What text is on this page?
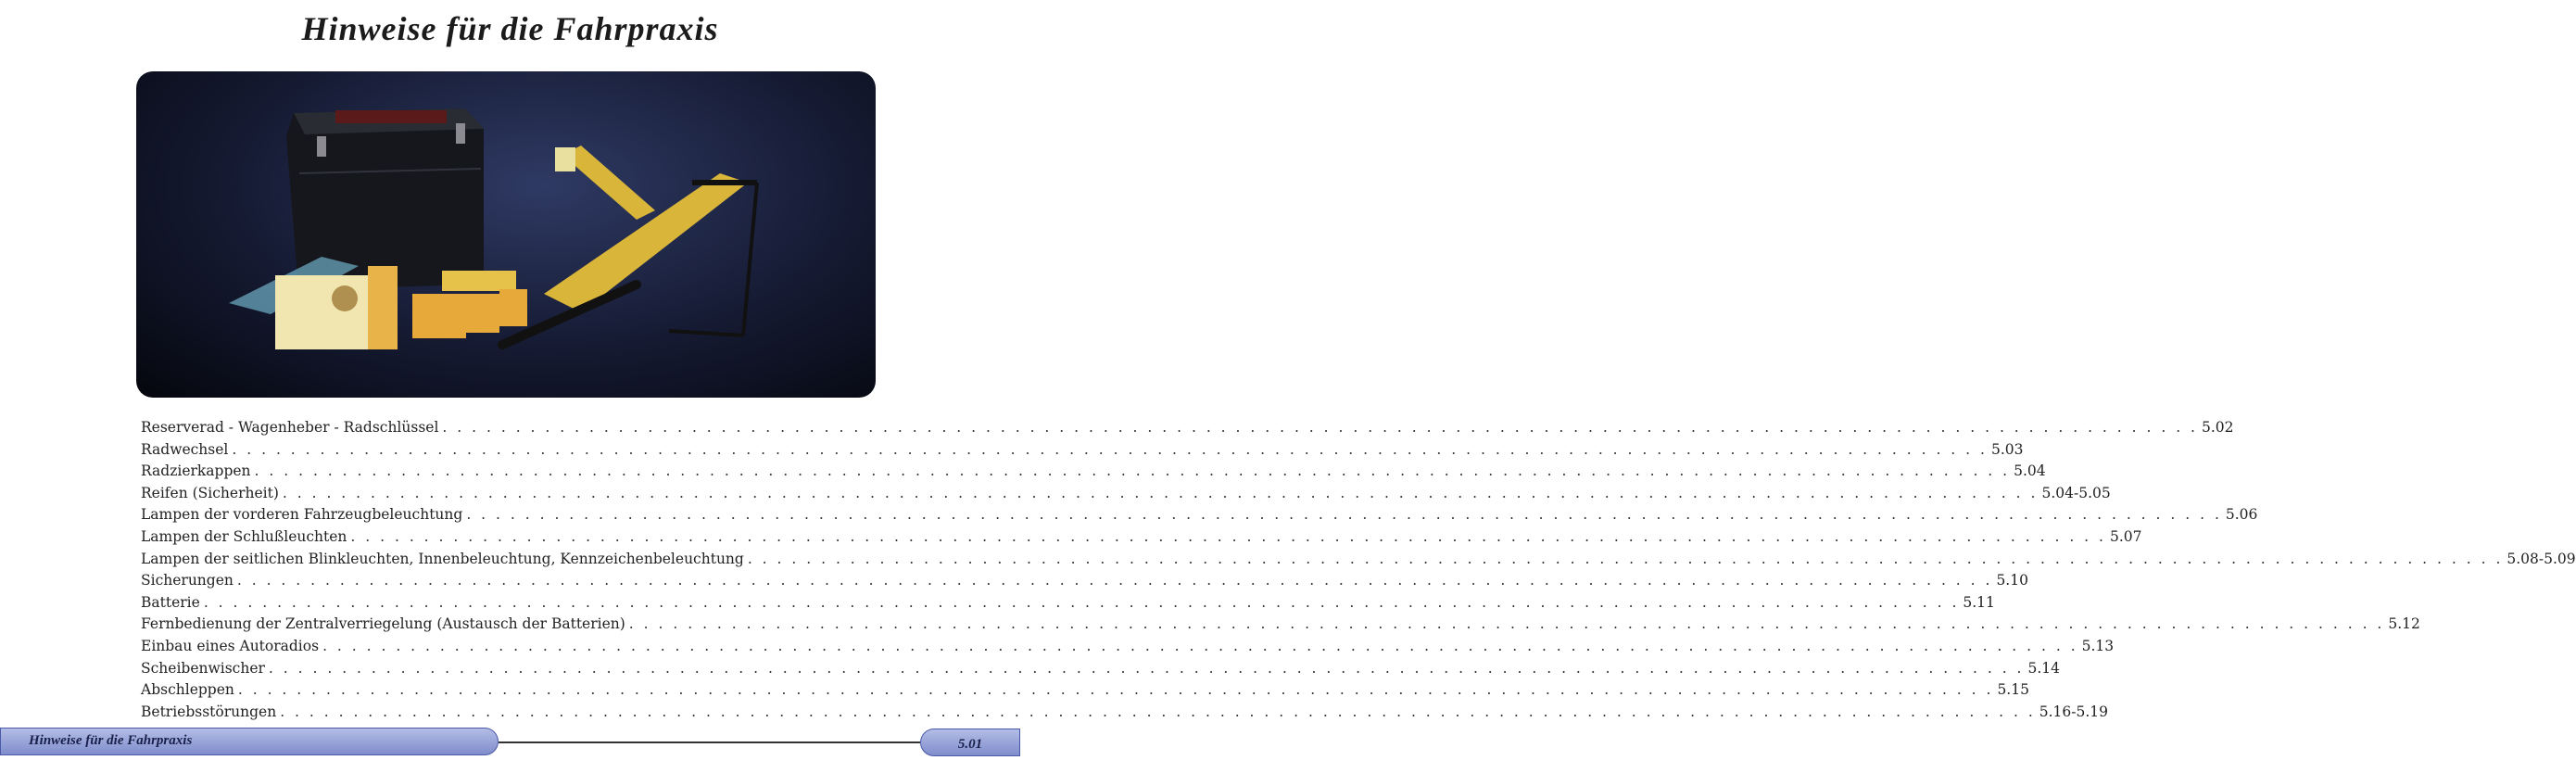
Hinweise für die Fahrpraxis
Reserverad - Wagenheber - Radschlüssel . . . . . . . . . . . . . . . . . . . . . . . . . . . . . . . . . . . . . . . . . . . . . . . . . . . . . . . . . . . . . . . . . . . . . . . . . . . . . . . . . . . . . . . . . . . . . . . . . . . . . . . . . . . . . . . . . . . . . . . . 5.02
Radwechsel . . . . . . . . . . . . . . . . . . . . . . . . . . . . . . . . . . . . . . . . . . . . . . . . . . . . . . . . . . . . . . . . . . . . . . . . . . . . . . . . . . . . . . . . . . . . . . . . . . . . . . . . . . . . . . . . . . . . . . . . 5.03
Radzierkappen . . . . . . . . . . . . . . . . . . . . . . . . . . . . . . . . . . . . . . . . . . . . . . . . . . . . . . . . . . . . . . . . . . . . . . . . . . . . . . . . . . . . . . . . . . . . . . . . . . . . . . . . . . . . . . . . . . . . . . . . 5.04
Reifen (Sicherheit) . . . . . . . . . . . . . . . . . . . . . . . . . . . . . . . . . . . . . . . . . . . . . . . . . . . . . . . . . . . . . . . . . . . . . . . . . . . . . . . . . . . . . . . . . . . . . . . . . . . . . . . . . . . . . . . . . . . . . . . . 5.04-5.05
Lampen der vorderen Fahrzeugbeleuchtung . . . . . . . . . . . . . . . . . . . . . . . . . . . . . . . . . . . . . . . . . . . . . . . . . . . . . . . . . . . . . . . . . . . . . . . . . . . . . . . . . . . . . . . . . . . . . . . . . . . . . . . . . . . . . . . . . . . . . . . . 5.06
Lampen der Schlußleuchten . . . . . . . . . . . . . . . . . . . . . . . . . . . . . . . . . . . . . . . . . . . . . . . . . . . . . . . . . . . . . . . . . . . . . . . . . . . . . . . . . . . . . . . . . . . . . . . . . . . . . . . . . . . . . . . . . . . . . . . . 5.07
Lampen der seitlichen Blinkleuchten, Innenbeleuchtung, Kennzeichenbeleuchtung . . . . . . . . . . . . . . . . . . . . . . . . . . . . . . . . . . . . . . . . . . . . . . . . . . . . . . . . . . . . . . . . . . . . . . . . . . . . . . . . . . . . . . . . . . . . . . . . . . . . . . . . . . . . . . . . . . . . . . . . 5.08-5.09
Sicherungen . . . . . . . . . . . . . . . . . . . . . . . . . . . . . . . . . . . . . . . . . . . . . . . . . . . . . . . . . . . . . . . . . . . . . . . . . . . . . . . . . . . . . . . . . . . . . . . . . . . . . . . . . . . . . . . . . . . . . . . . 5.10
Batterie . . . . . . . . . . . . . . . . . . . . . . . . . . . . . . . . . . . . . . . . . . . . . . . . . . . . . . . . . . . . . . . . . . . . . . . . . . . . . . . . . . . . . . . . . . . . . . . . . . . . . . . . . . . . . . . . . . . . . . . . 5.11
Fernbedienung der Zentralverriegelung (Austausch der Batterien) . . . . . . . . . . . . . . . . . . . . . . . . . . . . . . . . . . . . . . . . . . . . . . . . . . . . . . . . . . . . . . . . . . . . . . . . . . . . . . . . . . . . . . . . . . . . . . . . . . . . . . . . . . . . . . . . . . . . . . . . 5.12
Einbau eines Autoradios . . . . . . . . . . . . . . . . . . . . . . . . . . . . . . . . . . . . . . . . . . . . . . . . . . . . . . . . . . . . . . . . . . . . . . . . . . . . . . . . . . . . . . . . . . . . . . . . . . . . . . . . . . . . . . . . . . . . . . . . 5.13
Scheibenwischer . . . . . . . . . . . . . . . . . . . . . . . . . . . . . . . . . . . . . . . . . . . . . . . . . . . . . . . . . . . . . . . . . . . . . . . . . . . . . . . . . . . . . . . . . . . . . . . . . . . . . . . . . . . . . . . . . . . . . . . . 5.14
Abschleppen . . . . . . . . . . . . . . . . . . . . . . . . . . . . . . . . . . . . . . . . . . . . . . . . . . . . . . . . . . . . . . . . . . . . . . . . . . . . . . . . . . . . . . . . . . . . . . . . . . . . . . . . . . . . . . . . . . . . . . . . 5.15
Betriebsstörungen . . . . . . . . . . . . . . . . . . . . . . . . . . . . . . . . . . . . . . . . . . . . . . . . . . . . . . . . . . . . . . . . . . . . . . . . . . . . . . . . . . . . . . . . . . . . . . . . . . . . . . . . . . . . . . . . . . . . . . . . 5.16-5.19
Hinweise für die Fahrpraxis	5.01
